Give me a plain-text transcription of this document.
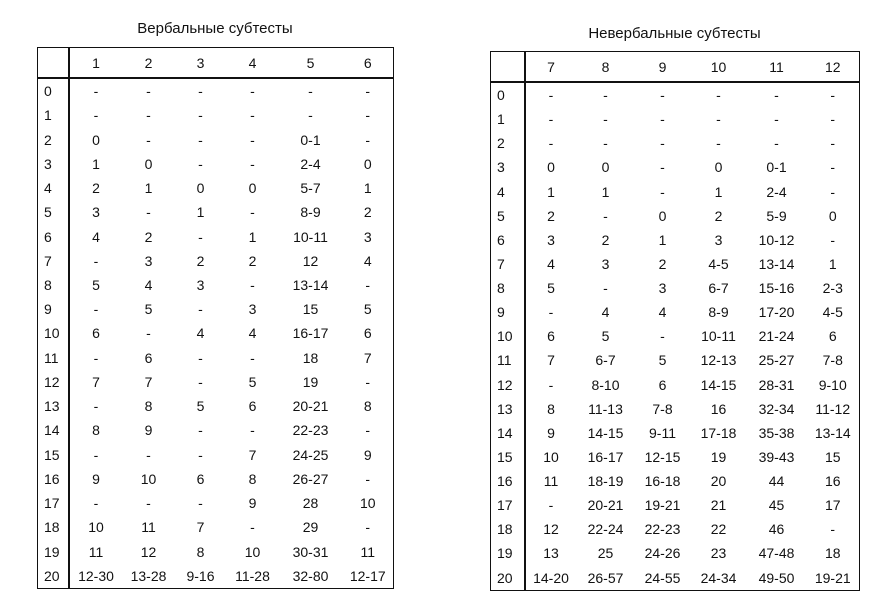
Вербальные субтесты
	1	2	3	4	5	6
0	-	-	-	-	-	-
1	-	-	-	-	-	-
2	0	-	-	-	0-1	-
3	1	0	-	-	2-4	0
4	2	1	0	0	5-7	1
5	3	-	1	-	8-9	2
6	4	2	-	1	10-11	3
7	-	3	2	2	12	4
8	5	4	3	-	13-14	-
9	-	5	-	3	15	5
10	6	-	4	4	16-17	6
11	-	6	-	-	18	7
12	7	7	-	5	19	-
13	-	8	5	6	20-21	8
14	8	9	-	-	22-23	-
15	-	-	-	7	24-25	9
16	9	10	6	8	26-27	-
17	-	-	-	9	28	10
18	10	11	7	-	29	-
19	11	12	8	10	30-31	11
20	12-30	13-28	9-16	11-28	32-80	12-17
Невербальные субтесты
	7	8	9	10	11	12
0	-	-	-	-	-	-
1	-	-	-	-	-	-
2	-	-	-	-	-	-
3	0	0	-	0	0-1	-
4	1	1	-	1	2-4	-
5	2	-	0	2	5-9	0
6	3	2	1	3	10-12	-
7	4	3	2	4-5	13-14	1
8	5	-	3	6-7	15-16	2-3
9	-	4	4	8-9	17-20	4-5
10	6	5	-	10-11	21-24	6
11	7	6-7	5	12-13	25-27	7-8
12	-	8-10	6	14-15	28-31	9-10
13	8	11-13	7-8	16	32-34	11-12
14	9	14-15	9-11	17-18	35-38	13-14
15	10	16-17	12-15	19	39-43	15
16	11	18-19	16-18	20	44	16
17	-	20-21	19-21	21	45	17
18	12	22-24	22-23	22	46	-
19	13	25	24-26	23	47-48	18
20	14-20	26-57	24-55	24-34	49-50	19-21
